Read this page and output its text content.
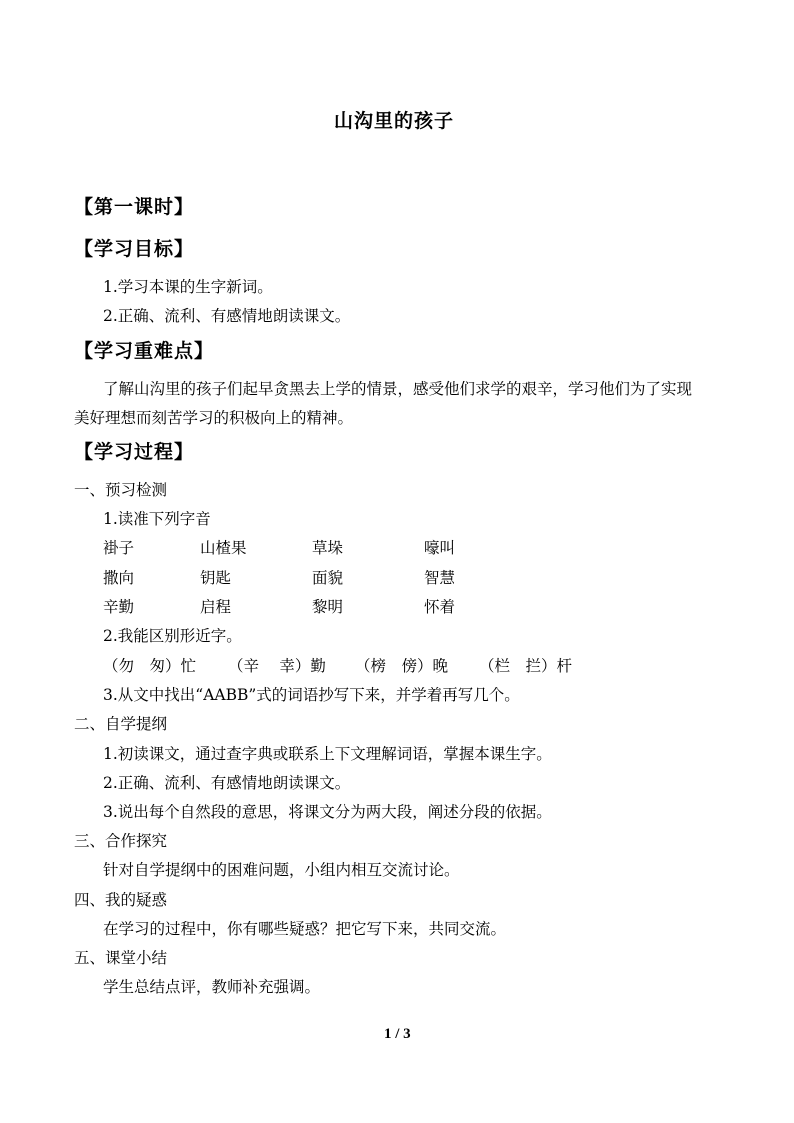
山沟里的孩子
【第一课时】
【学习目标】
1.学习本课的生字新词。
2.正确、流利、有感情地朗读课文。
【学习重难点】
了解山沟里的孩子们起早贪黑去上学的情景，感受他们求学的艰辛，学习他们为了实现
美好理想而刻苦学习的积极向上的精神。
【学习过程】
一、预习检测
1.读准下列字音
褂子	山楂果	草垛	嚎叫
撒向	钥匙	面貌	智慧
辛勤	启程	黎明	怀着
2.我能区别形近字。
（勿　匆）忙 （辛　 幸）勤 （榜　傍）晚 （栏　拦）杆
3.从文中找出“AABB”式的词语抄写下来，并学着再写几个。
二、自学提纲
1.初读课文，通过查字典或联系上下文理解词语，掌握本课生字。
2.正确、流利、有感情地朗读课文。
3.说出每个自然段的意思，将课文分为两大段，阐述分段的依据。
三、合作探究
针对自学提纲中的困难问题，小组内相互交流讨论。
四、我的疑惑
在学习的过程中，你有哪些疑惑？把它写下来，共同交流。
五、课堂小结
学生总结点评，教师补充强调。
1 / 3
